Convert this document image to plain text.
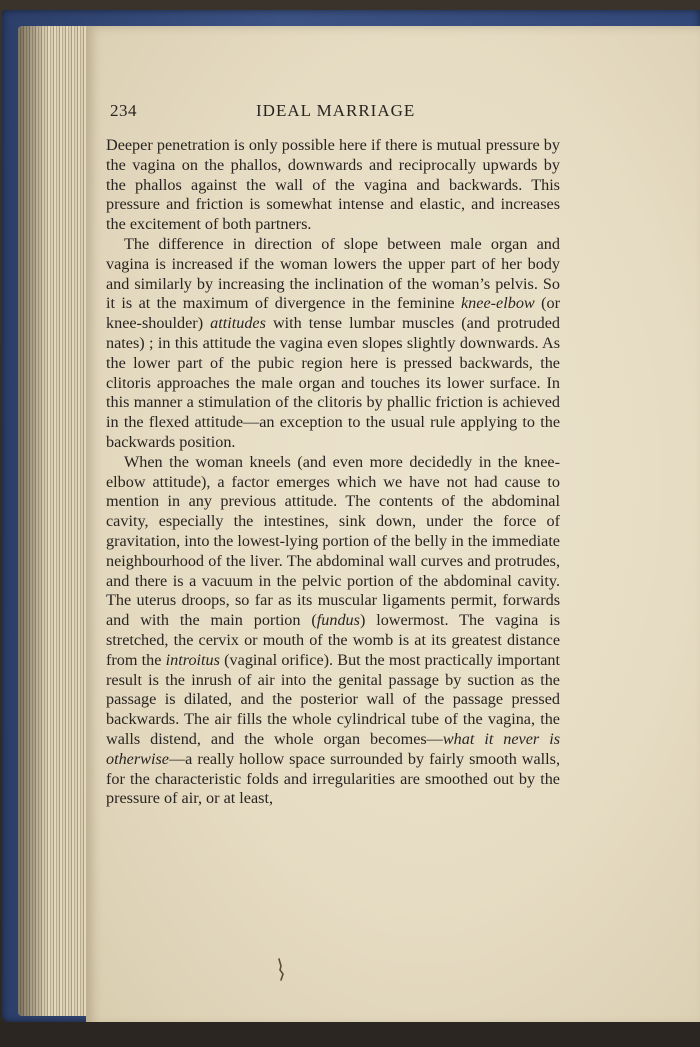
234	IDEAL MARRIAGE

Deeper penetration is only possible here if there is mutual pressure by the vagina on the phallos, downwards and reciprocally upwards by the phallos against the wall of the vagina and backwards. This pressure and friction is somewhat intense and elastic, and increases the excitement of both partners.

The difference in direction of slope between male organ and vagina is increased if the woman lowers the upper part of her body and similarly by increasing the inclination of the woman’s pelvis. So it is at the maximum of divergence in the feminine knee-elbow (or knee-shoulder) attitudes with tense lumbar muscles (and protruded nates) ; in this attitude the vagina even slopes slightly downwards. As the lower part of the pubic region here is pressed backwards, the clitoris approaches the male organ and touches its lower surface. In this manner a stimulation of the clitoris by phallic friction is achieved in the flexed attitude—an exception to the usual rule applying to the backwards position.

When the woman kneels (and even more decidedly in the knee-elbow attitude), a factor emerges which we have not had cause to mention in any previous attitude. The contents of the abdominal cavity, especially the intestines, sink down, under the force of gravitation, into the lowest-lying portion of the belly in the immediate neighbourhood of the liver. The abdominal wall curves and protrudes, and there is a vacuum in the pelvic portion of the abdominal cavity. The uterus droops, so far as its muscular ligaments permit, forwards and with the main portion (fundus) lowermost. The vagina is stretched, the cervix or mouth of the womb is at its greatest distance from the introitus (vaginal orifice). But the most practically important result is the inrush of air into the genital passage by suction as the passage is dilated, and the posterior wall of the passage pressed backwards. The air fills the whole cylindrical tube of the vagina, the walls distend, and the whole organ becomes—what it never is otherwise—a really hollow space surrounded by fairly smooth walls, for the characteristic folds and irregularities are smoothed out by the pressure of air, or at least,
